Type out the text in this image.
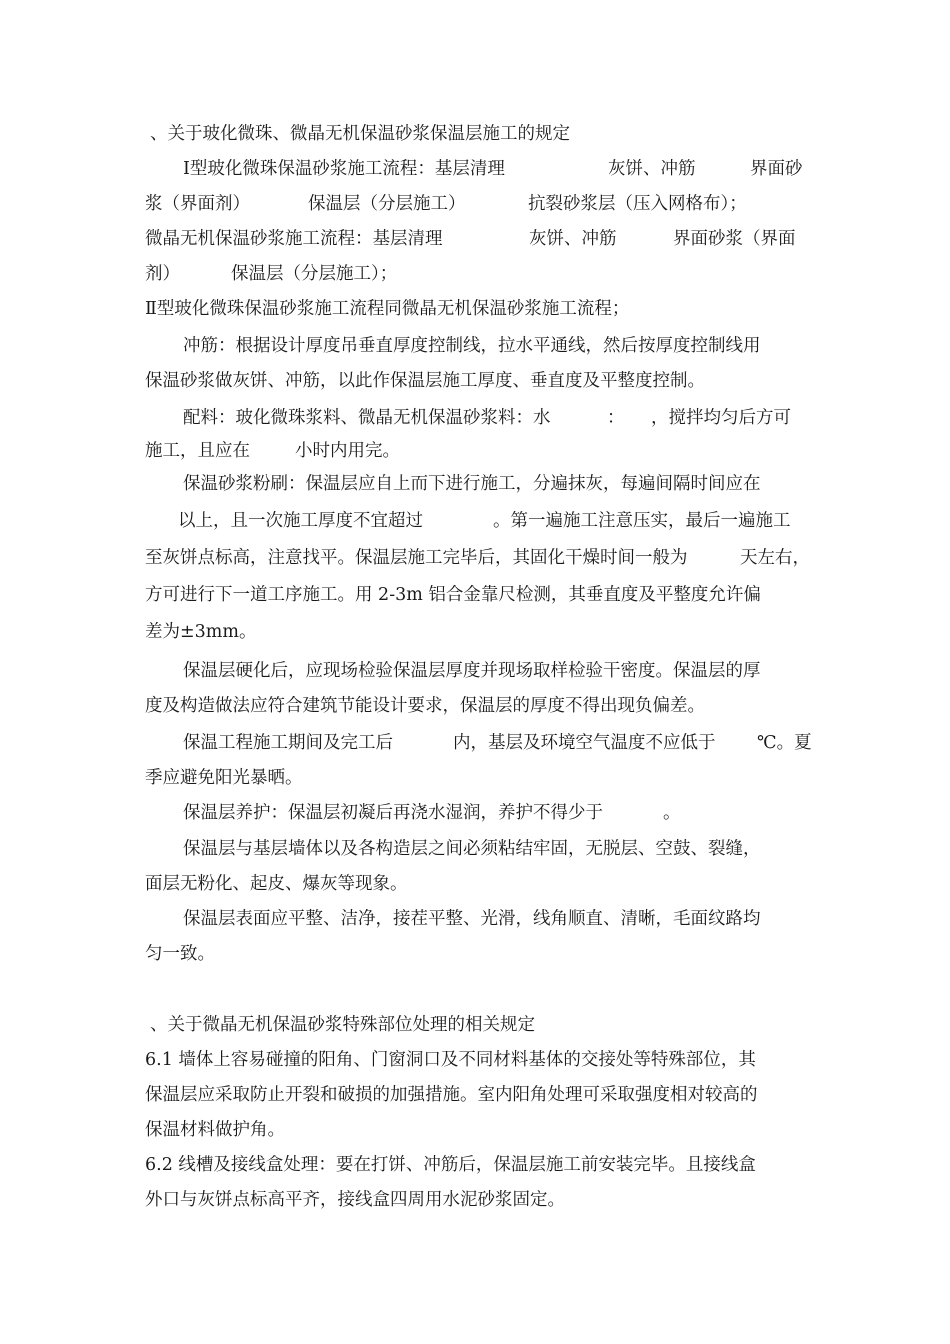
、关于玻化微珠、微晶无机保温砂浆保温层施工的规定
Ⅰ型玻化微珠保温砂浆施工流程：基层清理	灰饼、冲筋	界面砂
浆（界面剂）	保温层（分层施工）	抗裂砂浆层（压入网格布）；
微晶无机保温砂浆施工流程：基层清理	灰饼、冲筋	界面砂浆（界面
剂）	保温层（分层施工）；
Ⅱ型玻化微珠保温砂浆施工流程同微晶无机保温砂浆施工流程；
冲筋：根据设计厚度吊垂直厚度控制线，拉水平通线，然后按厚度控制线用
保温砂浆做灰饼、冲筋，以此作保温层施工厚度、垂直度及平整度控制。
配料：玻化微珠浆料、微晶无机保温砂浆料：水	： ，搅拌均匀后方可
施工，且应在	小时内用完。
保温砂浆粉刷：保温层应自上而下进行施工，分遍抹灰，每遍间隔时间应在
以上，且一次施工厚度不宜超过	。第一遍施工注意压实，最后一遍施工
至灰饼点标高，注意找平。保温层施工完毕后，其固化干燥时间一般为	天左右，
方可进行下一道工序施工。用 2-3m 铝合金靠尺检测，其垂直度及平整度允许偏
差为±3mm。
保温层硬化后，应现场检验保温层厚度并现场取样检验干密度。保温层的厚
度及构造做法应符合建筑节能设计要求，保温层的厚度不得出现负偏差。
保温工程施工期间及完工后	内，基层及环境空气温度不应低于 ℃。夏
季应避免阳光暴晒。
保温层养护：保温层初凝后再浇水湿润，养护不得少于	。
保温层与基层墙体以及各构造层之间必须粘结牢固，无脱层、空鼓、裂缝，
面层无粉化、起皮、爆灰等现象。
保温层表面应平整、洁净，接茬平整、光滑，线角顺直、清晰，毛面纹路均
匀一致。
、关于微晶无机保温砂浆特殊部位处理的相关规定
6.1 墙体上容易碰撞的阳角、门窗洞口及不同材料基体的交接处等特殊部位，其
保温层应采取防止开裂和破损的加强措施。室内阳角处理可采取强度相对较高的
保温材料做护角。
6.2 线槽及接线盒处理：要在打饼、冲筋后，保温层施工前安装完毕。且接线盒
外口与灰饼点标高平齐，接线盒四周用水泥砂浆固定。
